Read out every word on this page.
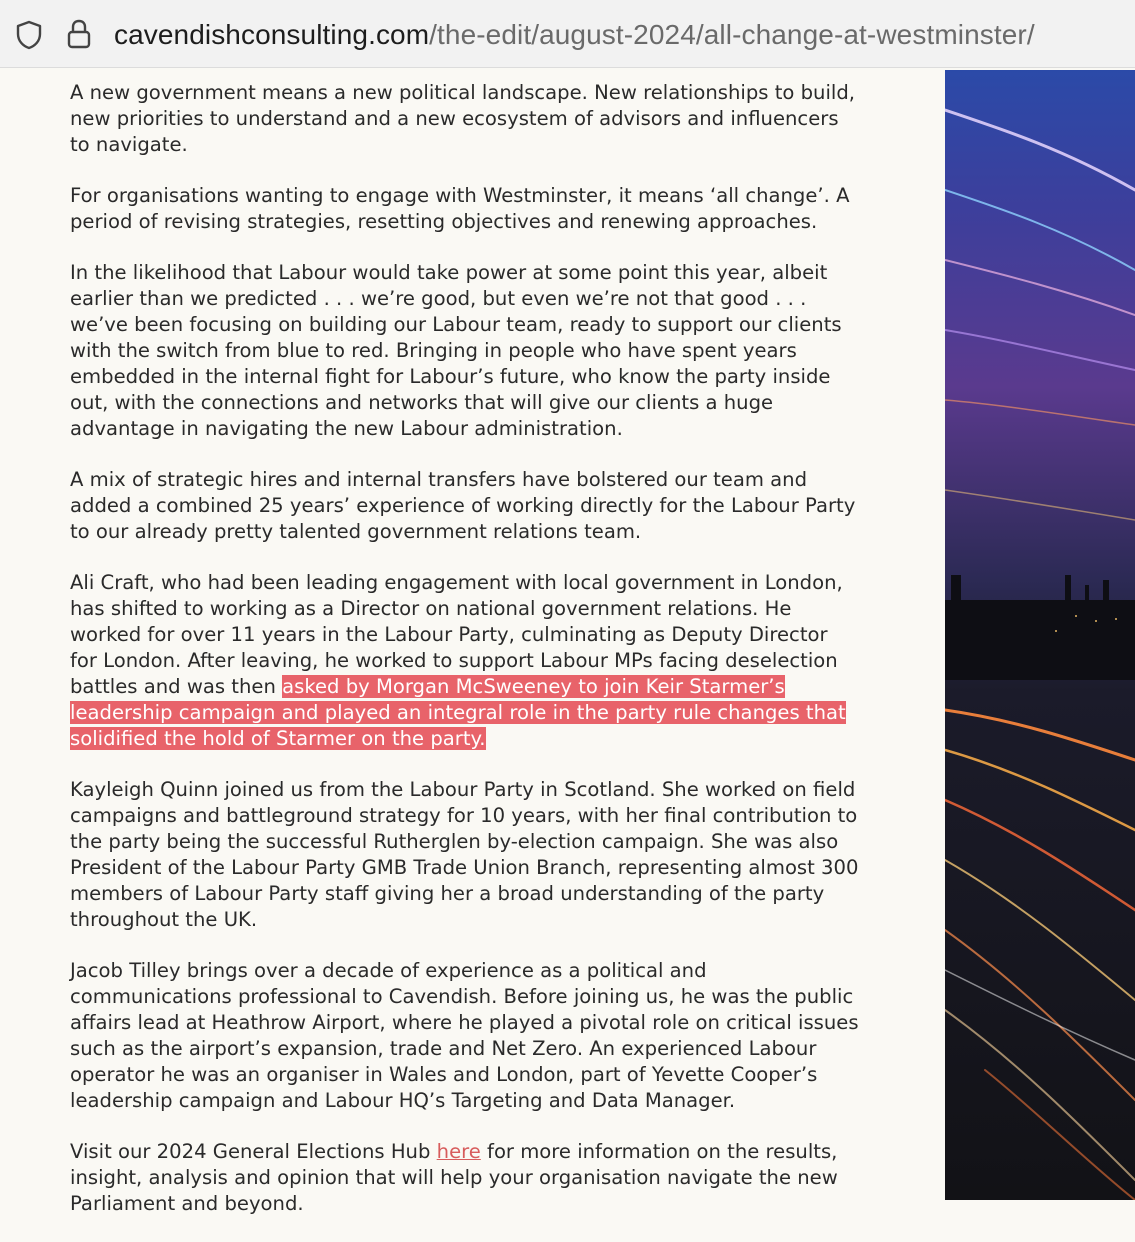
cavendishconsulting.com/the-edit/august-2024/all-change-at-westminster/

A new government means a new political landscape. New relationships to build, new priorities to understand and a new ecosystem of advisors and influencers to navigate.

For organisations wanting to engage with Westminster, it means ‘all change’. A period of revising strategies, resetting objectives and renewing approaches.

In the likelihood that Labour would take power at some point this year, albeit earlier than we predicted . . . we’re good, but even we’re not that good . . . we’ve been focusing on building our Labour team, ready to support our clients with the switch from blue to red. Bringing in people who have spent years embedded in the internal fight for Labour’s future, who know the party inside out, with the connections and networks that will give our clients a huge advantage in navigating the new Labour administration.

A mix of strategic hires and internal transfers have bolstered our team and added a combined 25 years’ experience of working directly for the Labour Party to our already pretty talented government relations team.

Ali Craft, who had been leading engagement with local government in London, has shifted to working as a Director on national government relations. He worked for over 11 years in the Labour Party, culminating as Deputy Director for London. After leaving, he worked to support Labour MPs facing deselection battles and was then asked by Morgan McSweeney to join Keir Starmer’s leadership campaign and played an integral role in the party rule changes that solidified the hold of Starmer on the party.

Kayleigh Quinn joined us from the Labour Party in Scotland. She worked on field campaigns and battleground strategy for 10 years, with her final contribution to the party being the successful Rutherglen by-election campaign. She was also President of the Labour Party GMB Trade Union Branch, representing almost 300 members of Labour Party staff giving her a broad understanding of the party throughout the UK.

Jacob Tilley brings over a decade of experience as a political and communications professional to Cavendish. Before joining us, he was the public affairs lead at Heathrow Airport, where he played a pivotal role on critical issues such as the airport’s expansion, trade and Net Zero. An experienced Labour operator he was an organiser in Wales and London, part of Yevette Cooper’s leadership campaign and Labour HQ’s Targeting and Data Manager.

Visit our 2024 General Elections Hub here for more information on the results, insight, analysis and opinion that will help your organisation navigate the new Parliament and beyond.
